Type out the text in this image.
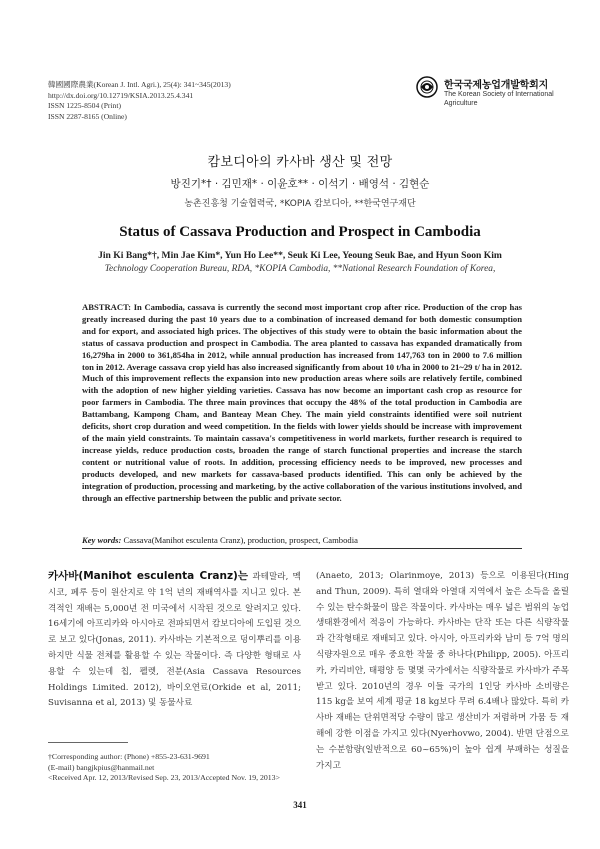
韓國國際農業(Korean J. Intl. Agri.), 25(4): 341~345(2013)
http://dx.doi.org/10.12719/KSIA.2013.25.4.341
ISSN 1225-8504 (Print)
ISSN 2287-8165 (Online)
한국국제농업개발학회지
The Korean Society of International Agriculture
캄보디아의 카사바 생산 및 전망
방진기*† · 김민재* · 이윤호** · 이석기 · 배영석 · 김현순
농촌진흥청 기술협력국, *KOPIA 캄보디아, **한국연구재단
Status of Cassava Production and Prospect in Cambodia
Jin Ki Bang*†, Min Jae Kim*, Yun Ho Lee**, Seuk Ki Lee, Yeoung Seuk Bae, and Hyun Soon Kim
Technology Cooperation Bureau, RDA, *KOPIA Cambodia, **National Research Foundation of Korea,
ABSTRACT: In Cambodia, cassava is currently the second most important crop after rice. Production of the crop has greatly increased during the past 10 years due to a combination of increased demand for both domestic consumption and for export, and associated high prices. The objectives of this study were to obtain the basic information about the status of cassava production and prospect in Cambodia. The area planted to cassava has expanded dramatically from 16,279ha in 2000 to 361,854ha in 2012, while annual production has increased from 147,763 ton in 2000 to 7.6 million ton in 2012. Average cassava crop yield has also increased significantly from about 10 t/ha in 2000 to 21~29 t/ ha in 2012. Much of this improvement reflects the expansion into new production areas where soils are relatively fertile, combined with the adoption of new higher yielding varieties. Cassava has now become an important cash crop as resource for poor farmers in Cambodia. The three main provinces that occupy the 48% of the total production in Cambodia are Battambang, Kampong Cham, and Banteay Mean Chey. The main yield constraints identified were soil nutrient deficits, short crop duration and weed competition. In the fields with lower yields should be increase with improvement of the main yield constraints. To maintain cassava's competitiveness in world markets, further research is required to increase yields, reduce production costs, broaden the range of starch functional properties and increase the starch content or nutritional value of roots. In addition, processing efficiency needs to be improved, new processes and products developed, and new markets for cassava-based products identified. This can only be achieved by the integration of production, processing and marketing, by the active collaboration of the various institutions involved, and through an effective partnership between the public and private sector.
Key words: Cassava(Manihot esculenta Cranz), production, prospect, Cambodia
카사바(Manihot esculenta Cranz)는 과테말라, 멕시코, 페루 등이 원산지로 약 1억 년의 재배역사를 지니고 있다. 본격적인 재배는 5,000년 전 미국에서 시작된 것으로 알려지고 있다. 16세기에 아프리카와 아시아로 전파되면서 캄보디아에 도입된 것으로 보고 있다(Jonas, 2011). 카사바는 기본적으로 덩이뿌리를 이용하지만 식물 전체를 활용할 수 있는 작물이다. 즉 다양한 형태로 사용할 수 있는데 칩, 펠렛, 전분(Asia Cassava Resources Holdings Limited. 2012), 바이오연료(Orkide et al, 2011; Suvisanna et al, 2013) 및 동물사료
(Anaeto, 2013; Olarinmoye, 2013) 등으로 이용된다(Hing and Thun, 2009). 특히 열대와 아열대 지역에서 높은 소득을 올릴 수 있는 탄수화물이 많은 작물이다. 카사바는 매우 넓은 범위의 농업 생태환경에서 적응이 가능하다. 카사바는 단작 또는 다른 식량작물과 간작형태로 재배되고 있다. 아시아, 아프리카와 남미 등 7억 명의 식량자원으로 매우 중요한 작물 중 하나다(Philipp, 2005). 아프리카, 카리비안, 태평양 등 몇몇 국가에서는 식량작물로 카사바가 주목 받고 있다. 2010년의 경우 이들 국가의 1인당 카사바 소비량은 115 kg을 보여 세계 평균 18 kg보다 무려 6.4배나 많았다. 특히 카사바 재배는 단위면적당 수량이 많고 생산비가 저렴하며 가뭄 등 재해에 강한 이점을 가지고 있다(Nyerhovwo, 2004). 반면 단점으로는 수분함량(일반적으로 60~65%)이 높아 쉽게 부패하는 성질을 가지고
†Corresponding author: (Phone) +855-23-631-9691
(E-mail) bangjkpius@hanmail.net
<Received Apr. 12, 2013/Revised Sep. 23, 2013/Accepted Nov. 19, 2013>
341
